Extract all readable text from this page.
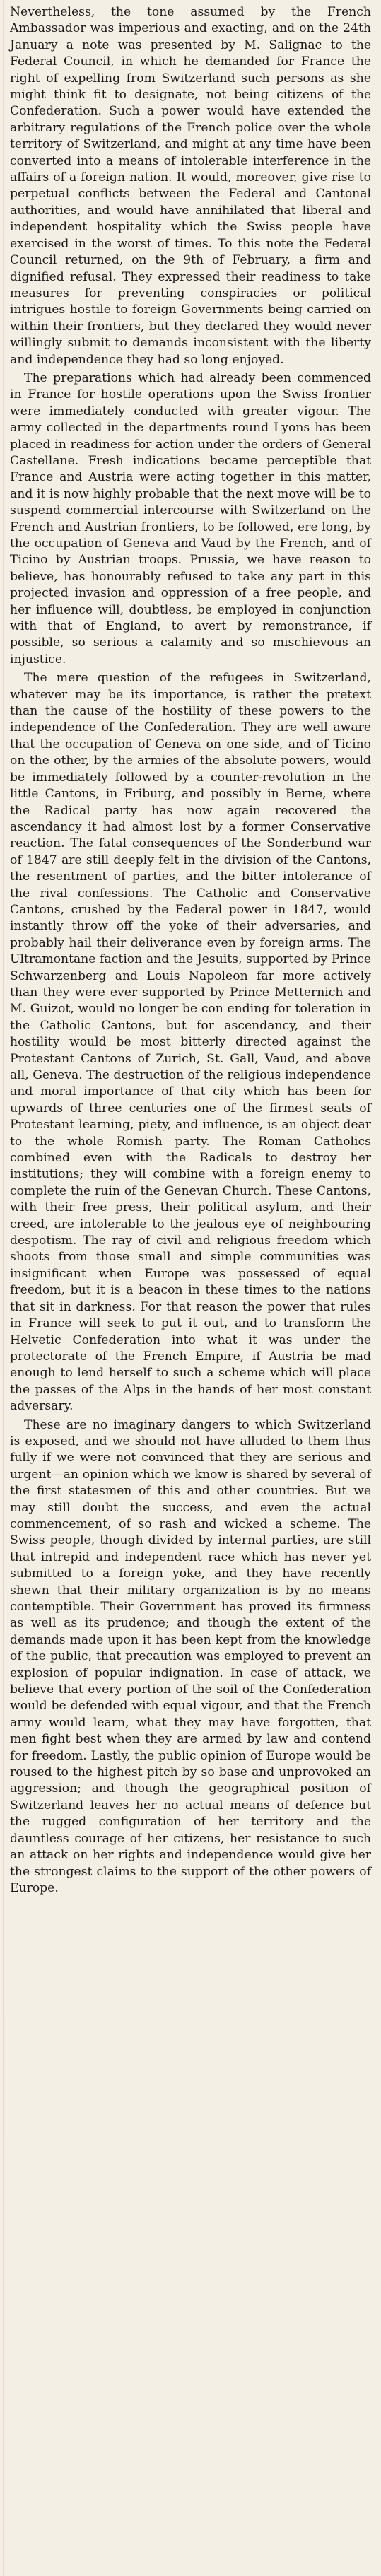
Nevertheless, the tone assumed by the French Ambassador was imperious and exacting, and on the 24th January a note was presented by M. Salignac to the Federal Council, in which he demanded for France the right of expelling from Switzerland such persons as she might think fit to designate, not being citizens of the Confederation. Such a power would have extended the arbitrary regulations of the French police over the whole territory of Switzerland, and might at any time have been converted into a means of intolerable interference in the affairs of a foreign nation. It would, moreover, give rise to perpetual conflicts between the Federal and Cantonal authorities, and would have annihilated that liberal and independent hospitality which the Swiss people have exercised in the worst of times. To this note the Federal Council returned, on the 9th of February, a firm and dignified refusal. They expressed their readiness to take measures for preventing conspiracies or political intrigues hostile to foreign Governments being carried on within their frontiers, but they declared they would never willingly submit to demands inconsistent with the liberty and independence they had so long enjoyed.

The preparations which had already been commenced in France for hostile operations upon the Swiss frontier were immediately conducted with greater vigour. The army collected in the departments round Lyons has been placed in readiness for action under the orders of General Castellane. Fresh indications became perceptible that France and Austria were acting together in this matter, and it is now highly probable that the next move will be to suspend commercial intercourse with Switzerland on the French and Austrian frontiers, to be followed, ere long, by the occupation of Geneva and Vaud by the French, and of Ticino by Austrian troops. Prussia, we have reason to believe, has honourably refused to take any part in this projected invasion and oppression of a free people, and her influence will, doubtless, be employed in conjunction with that of England, to avert by remonstrance, if possible, so serious a calamity and so mischievous an injustice.

The mere question of the refugees in Switzerland, whatever may be its importance, is rather the pretext than the cause of the hostility of these powers to the independence of the Confederation. They are well aware that the occupation of Geneva on one side, and of Ticino on the other, by the armies of the absolute powers, would be immediately followed by a counter-revolution in the little Cantons, in Friburg, and possibly in Berne, where the Radical party has now again recovered the ascendancy it had almost lost by a former Conservative reaction. The fatal consequences of the Sonderbund war of 1847 are still deeply felt in the division of the Cantons, the resentment of parties, and the bitter intolerance of the rival confessions. The Catholic and Conservative Cantons, crushed by the Federal power in 1847, would instantly throw off the yoke of their adversaries, and probably hail their deliverance even by foreign arms. The Ultramontane faction and the Jesuits, supported by Prince Schwarzenberg and Louis Napoleon far more actively than they were ever supported by Prince Metternich and M. Guizot, would no longer be con ending for toleration in the Catholic Cantons, but for ascendancy, and their hostility would be most bitterly directed against the Protestant Cantons of Zurich, St. Gall, Vaud, and above all, Geneva. The destruction of the religious independence and moral importance of that city which has been for upwards of three centuries one of the firmest seats of Protestant learning, piety, and influence, is an object dear to the whole Romish party. The Roman Catholics combined even with the Radicals to destroy her institutions; they will combine with a foreign enemy to complete the ruin of the Genevan Church. These Cantons, with their free press, their political asylum, and their creed, are intolerable to the jealous eye of neighbouring despotism. The ray of civil and religious freedom which shoots from those small and simple communities was insignificant when Europe was possessed of equal freedom, but it is a beacon in these times to the nations that sit in darkness. For that reason the power that rules in France will seek to put it out, and to transform the Helvetic Confederation into what it was under the protectorate of the French Empire, if Austria be mad enough to lend herself to such a scheme which will place the passes of the Alps in the hands of her most constant adversary.

These are no imaginary dangers to which Switzerland is exposed, and we should not have alluded to them thus fully if we were not convinced that they are serious and urgent—an opinion which we know is shared by several of the first statesmen of this and other countries. But we may still doubt the success, and even the actual commencement, of so rash and wicked a scheme. The Swiss people, though divided by internal parties, are still that intrepid and independent race which has never yet submitted to a foreign yoke, and they have recently shewn that their military organization is by no means contemptible. Their Government has proved its firmness as well as its prudence; and though the extent of the demands made upon it has been kept from the knowledge of the public, that precaution was employed to prevent an explosion of popular indignation. In case of attack, we believe that every portion of the soil of the Confederation would be defended with equal vigour, and that the French army would learn, what they may have forgotten, that men fight best when they are armed by law and contend for freedom. Lastly, the public opinion of Europe would be roused to the highest pitch by so base and unprovoked an aggression; and though the geographical position of Switzerland leaves her no actual means of defence but the rugged configuration of her territory and the dauntless courage of her citizens, her resistance to such an attack on her rights and independence would give her the strongest claims to the support of the other powers of Europe.
